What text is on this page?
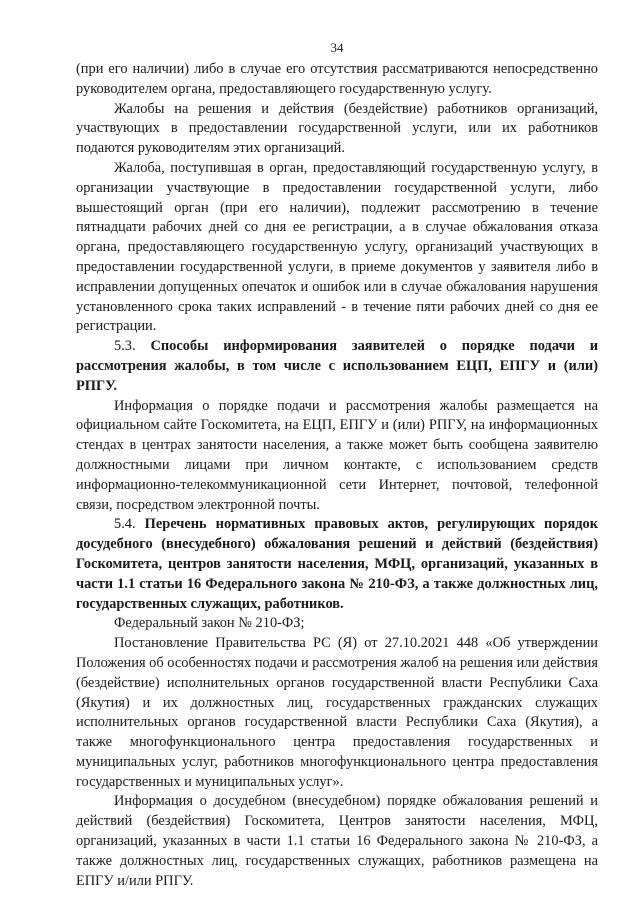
34

(при его наличии) либо в случае его отсутствия рассматриваются непосредственно руководителем органа, предоставляющего государственную услугу.

Жалобы на решения и действия (бездействие) работников организаций, участвующих в предоставлении государственной услуги, или их работников подаются руководителям этих организаций.

Жалоба, поступившая в орган, предоставляющий государственную услугу, в организации участвующие в предоставлении государственной услуги, либо вышестоящий орган (при его наличии), подлежит рассмотрению в течение пятнадцати рабочих дней со дня ее регистрации, а в случае обжалования отказа органа, предоставляющего государственную услугу, организаций участвующих в предоставлении государственной услуги, в приеме документов у заявителя либо в исправлении допущенных опечаток и ошибок или в случае обжалования нарушения установленного срока таких исправлений - в течение пяти рабочих дней со дня ее регистрации.

5.3. Способы информирования заявителей о порядке подачи и рассмотрения жалобы, в том числе с использованием ЕЦП, ЕПГУ и (или) РПГУ.

Информация о порядке подачи и рассмотрения жалобы размещается на официальном сайте Госкомитета, на ЕЦП, ЕПГУ и (или) РПГУ, на информационных стендах в центрах занятости населения, а также может быть сообщена заявителю должностными лицами при личном контакте, с использованием средств информационно-телекоммуникационной сети Интернет, почтовой, телефонной связи, посредством электронной почты.

5.4. Перечень нормативных правовых актов, регулирующих порядок досудебного (внесудебного) обжалования решений и действий (бездействия) Госкомитета, центров занятости населения, МФЦ, организаций, указанных в части 1.1 статьи 16 Федерального закона № 210-ФЗ, а также должностных лиц, государственных служащих, работников.

Федеральный закон № 210-ФЗ;

Постановление Правительства РС (Я) от 27.10.2021 448 «Об утверждении Положения об особенностях подачи и рассмотрения жалоб на решения или действия (бездействие) исполнительных органов государственной власти Республики Саха (Якутия) и их должностных лиц, государственных гражданских служащих исполнительных органов государственной власти Республики Саха (Якутия), а также многофункционального центра предоставления государственных и муниципальных услуг, работников многофункционального центра предоставления государственных и муниципальных услуг».

Информация о досудебном (внесудебном) порядке обжалования решений и действий (бездействия) Госкомитета, Центров занятости населения, МФЦ, организаций, указанных в части 1.1 статьи 16 Федерального закона № 210-ФЗ, а также должностных лиц, государственных служащих, работников размещена на ЕПГУ и/или РПГУ.
